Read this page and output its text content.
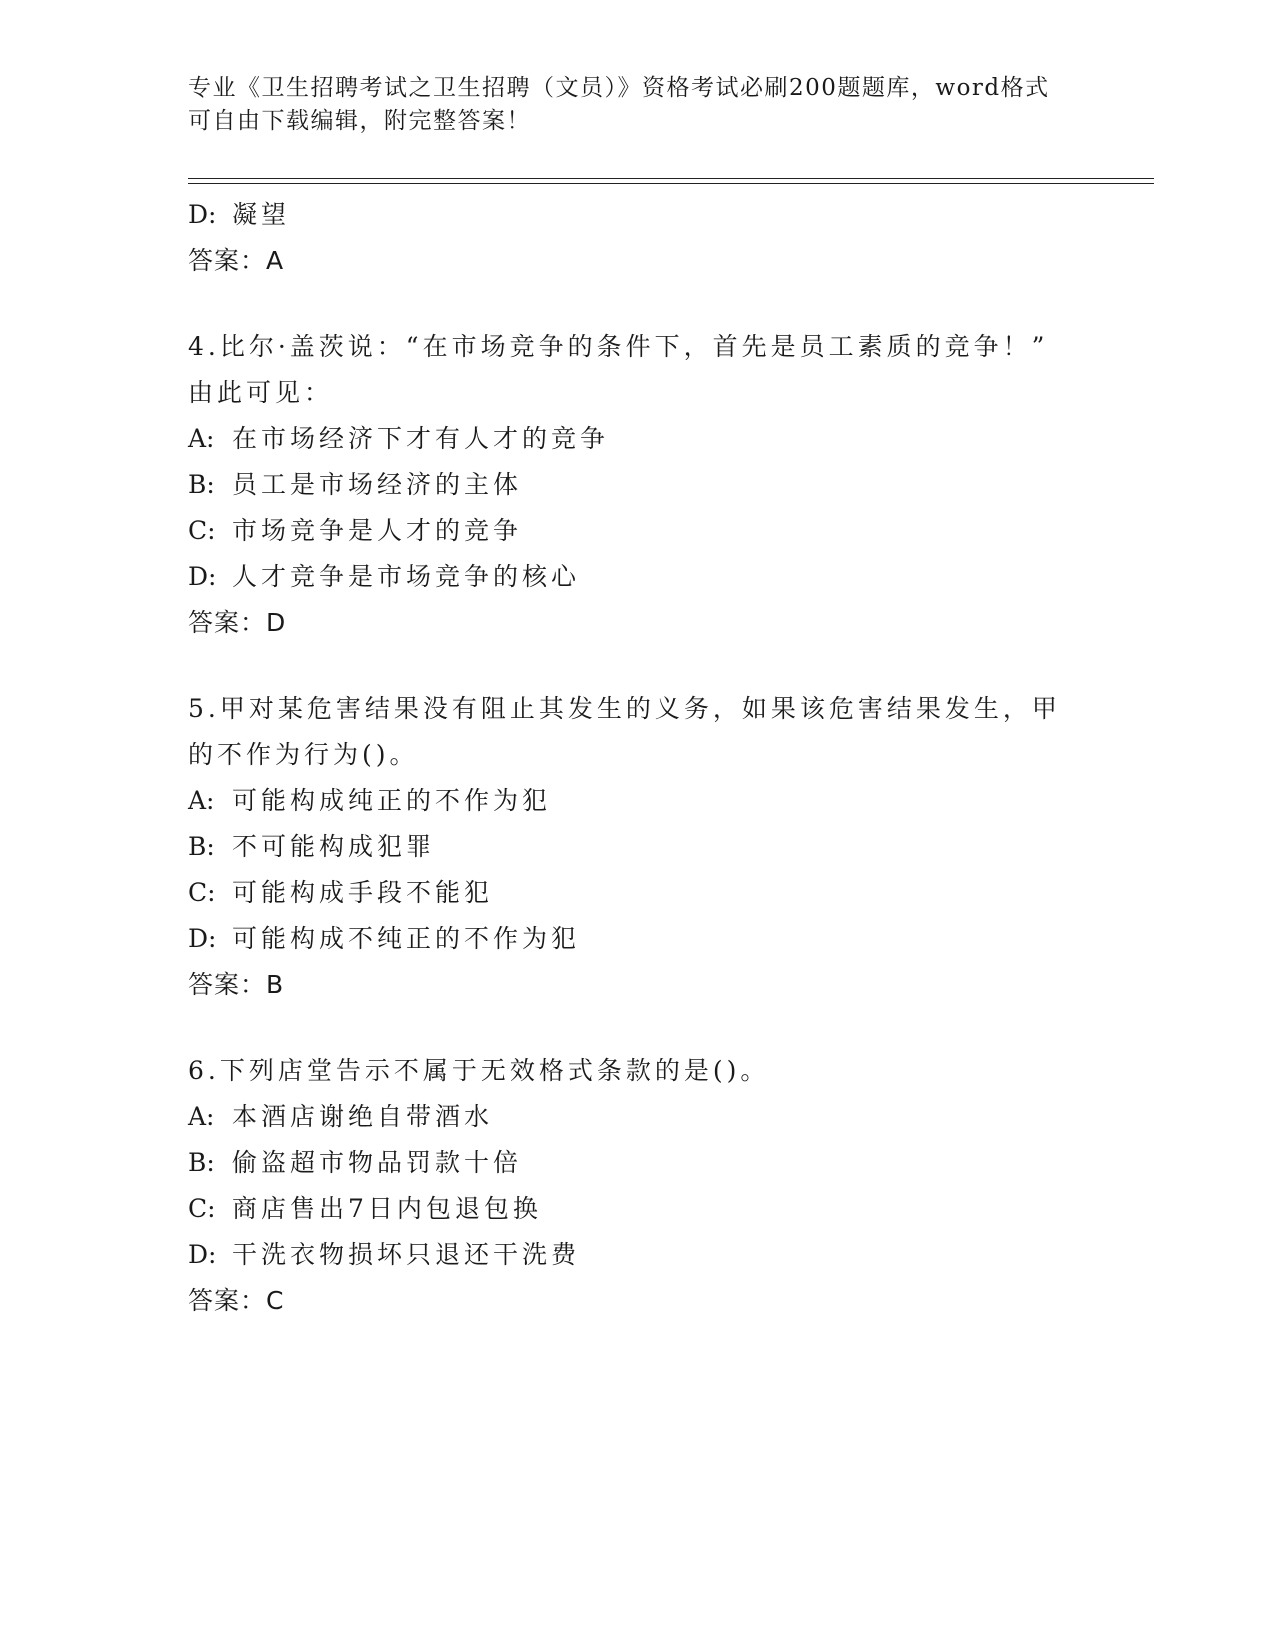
专业《卫生招聘考试之卫生招聘（文员）》资格考试必刷200题题库，word格式
可自由下载编辑，附完整答案！
D: 凝望
答案：A
4.比尔·盖茨说：“在市场竞争的条件下，首先是员工素质的竞争！”
由此可见：
A: 在市场经济下才有人才的竞争
B: 员工是市场经济的主体
C: 市场竞争是人才的竞争
D: 人才竞争是市场竞争的核心
答案：D
5.甲对某危害结果没有阻止其发生的义务，如果该危害结果发生，甲
的不作为行为()。
A: 可能构成纯正的不作为犯
B: 不可能构成犯罪
C: 可能构成手段不能犯
D: 可能构成不纯正的不作为犯
答案：B
6.下列店堂告示不属于无效格式条款的是()。
A: 本酒店谢绝自带酒水
B: 偷盗超市物品罚款十倍
C: 商店售出7日内包退包换
D: 干洗衣物损坏只退还干洗费
答案：C
